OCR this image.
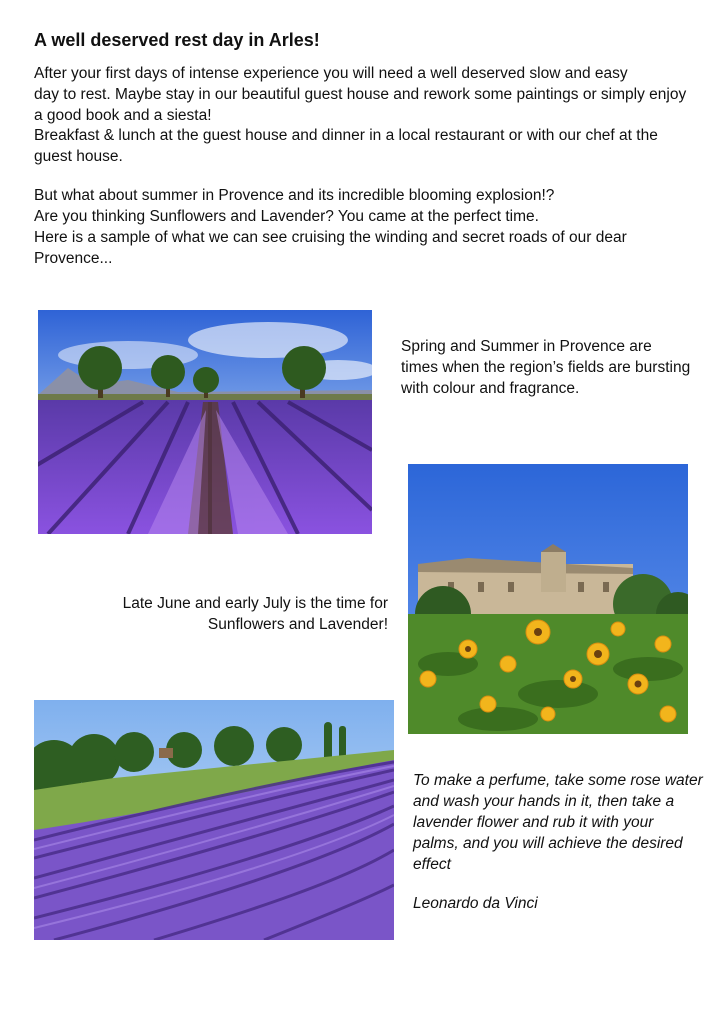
A well deserved rest day in Arles!

After your first days of intense experience you will need a well deserved slow and easy

day to rest. Maybe stay in our beautiful guest house and rework some paintings or simply enjoy a good book and a siesta!

Breakfast & lunch at the guest house and dinner in a local restaurant or with our chef at the guest house.

But what about summer in Provence and its incredible blooming explosion!?

Are you thinking Sunflowers and Lavender? You came at the perfect time.

Here is a sample of what we can see cruising the winding and secret roads of our dear Provence...

Spring and Summer in Provence are times when the region’s fields are bursting with colour and fragrance.

Late June and early July is the time for Sunflowers and Lavender!

To make a perfume, take some rose water and wash your hands in it, then take a lavender flower and rub it with your palms, and you will achieve the desired effect

Leonardo da Vinci
